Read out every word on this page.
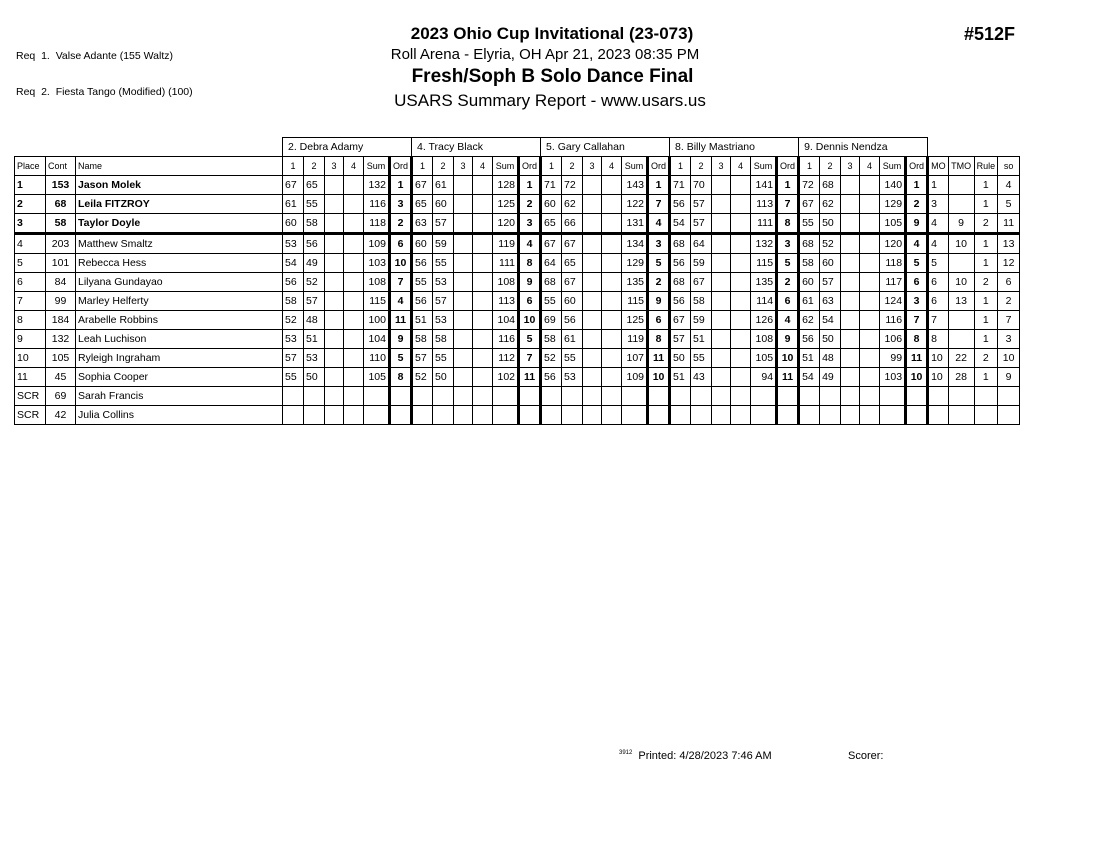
Req  1.  Valse Adante (155 Waltz)

Req  2.  Fiesta Tango (Modified) (100)

2023 Ohio Cup Invitational (23-073)	#512F
Roll Arena - Elyria, OH Apr 21, 2023 08:35 PM
Fresh/Soph B Solo Dance Final
USARS Summary Report - www.usars.us
			2. Debra Adamy						4. Tracy Black						5. Gary Callahan						8. Billy Mastriano						9. Dennis Nendza									
Place	Cont	Name	1	2	3	4	Sum	Ord	1	2	3	4	Sum	Ord	1	2	3	4	Sum	Ord	1	2	3	4	Sum	Ord	1	2	3	4	Sum	Ord	MO	TMO	Rule	so
1	153	Jason Molek	67	65			132	1	67	61			128	1	71	72			143	1	71	70			141	1	72	68			140	1	1		1	4
2	68	Leila FITZROY	61	55			116	3	65	60			125	2	60	62			122	7	56	57			113	7	67	62			129	2	3		1	5
3	58	Taylor Doyle	60	58			118	2	63	57			120	3	65	66			131	4	54	57			111	8	55	50			105	9	4	9	2	11
4	203	Matthew Smaltz	53	56			109	6	60	59			119	4	67	67			134	3	68	64			132	3	68	52			120	4	4	10	1	13
5	101	Rebecca Hess	54	49			103	10	56	55			111	8	64	65			129	5	56	59			115	5	58	60			118	5	5		1	12
6	84	Lilyana Gundayao	56	52			108	7	55	53			108	9	68	67			135	2	68	67			135	2	60	57			117	6	6	10	2	6
7	99	Marley Helferty	58	57			115	4	56	57			113	6	55	60			115	9	56	58			114	6	61	63			124	3	6	13	1	2
8	184	Arabelle Robbins	52	48			100	11	51	53			104	10	69	56			125	6	67	59			126	4	62	54			116	7	7		1	7
9	132	Leah Luchison	53	51			104	9	58	58			116	5	58	61			119	8	57	51			108	9	56	50			106	8	8		1	3
10	105	Ryleigh Ingraham	57	53			110	5	57	55			112	7	52	55			107	11	50	55			105	10	51	48			99	11	10	22	2	10
11	45	Sophia Cooper	55	50			105	8	52	50			102	11	56	53			109	10	51	43			94	11	54	49			103	10	10	28	1	9
SCR	69	Sarah Francis																																		
SCR	42	Julia Collins																																		
$^{3912}$ Printed: 4/28/2023 7:46 AM	Scorer:
